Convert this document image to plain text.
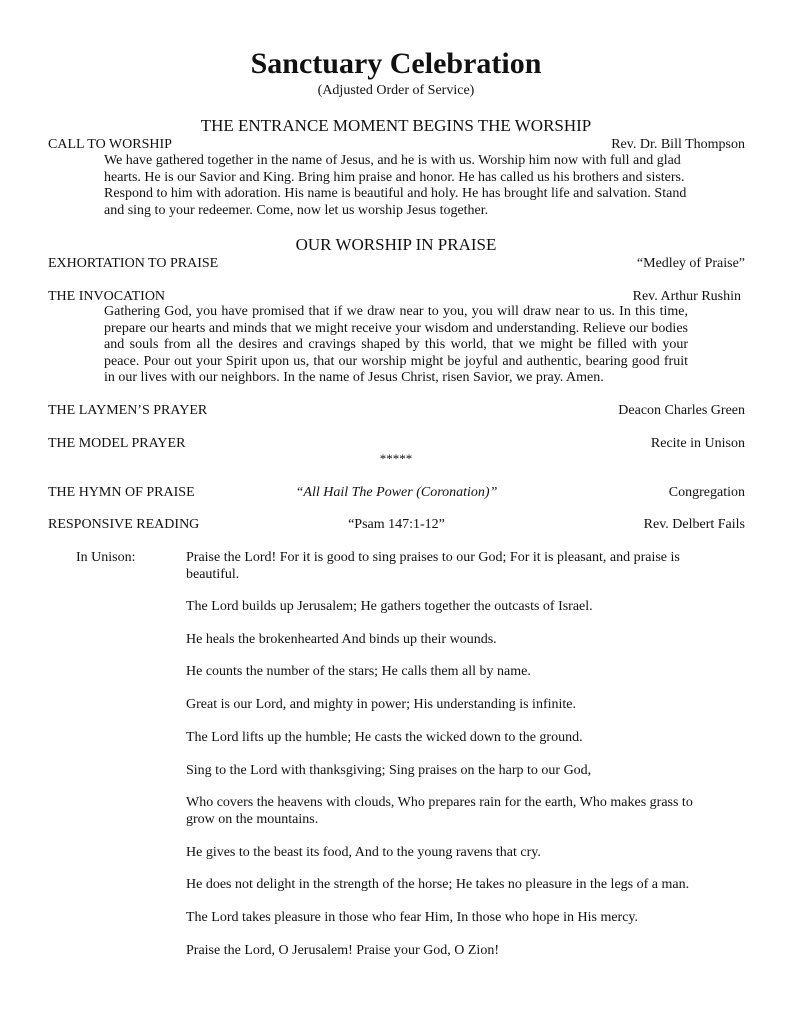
Sanctuary Celebration
(Adjusted Order of Service)
THE ENTRANCE MOMENT BEGINS THE WORSHIP
CALL TO WORSHIP	Rev. Dr. Bill Thompson
We have gathered together in the name of Jesus, and he is with us. Worship him now with full and glad hearts. He is our Savior and King. Bring him praise and honor. He has called us his brothers and sisters. Respond to him with adoration. His name is beautiful and holy. He has brought life and salvation. Stand and sing to your redeemer. Come, now let us worship Jesus together.
OUR WORSHIP IN PRAISE
EXHORTATION TO PRAISE	“Medley of Praise”
THE INVOCATION	Rev. Arthur Rushin
Gathering God, you have promised that if we draw near to you, you will draw near to us. In this time, prepare our hearts and minds that we might receive your wisdom and understanding. Relieve our bodies and souls from all the desires and cravings shaped by this world, that we might be filled with your peace. Pour out your Spirit upon us, that our worship might be joyful and authentic, bearing good fruit in our lives with our neighbors. In the name of Jesus Christ, risen Savior, we pray. Amen.
THE LAYMEN’S PRAYER	Deacon Charles Green
THE MODEL PRAYER	Recite in Unison
*****
THE HYMN OF PRAISE	“All Hail The Power (Coronation)”	Congregation
RESPONSIVE READING	“Psam 147:1-12”	Rev. Delbert Fails
In Unison:	Praise the Lord! For it is good to sing praises to our God; For it is pleasant, and praise is beautiful.
The Lord builds up Jerusalem; He gathers together the outcasts of Israel.
He heals the brokenhearted And binds up their wounds.
He counts the number of the stars; He calls them all by name.
Great is our Lord, and mighty in power; His understanding is infinite.
The Lord lifts up the humble; He casts the wicked down to the ground.
Sing to the Lord with thanksgiving; Sing praises on the harp to our God,
Who covers the heavens with clouds, Who prepares rain for the earth, Who makes grass to grow on the mountains.
He gives to the beast its food, And to the young ravens that cry.
He does not delight in the strength of the horse; He takes no pleasure in the legs of a man.
The Lord takes pleasure in those who fear Him, In those who hope in His mercy.
Praise the Lord, O Jerusalem! Praise your God, O Zion!
